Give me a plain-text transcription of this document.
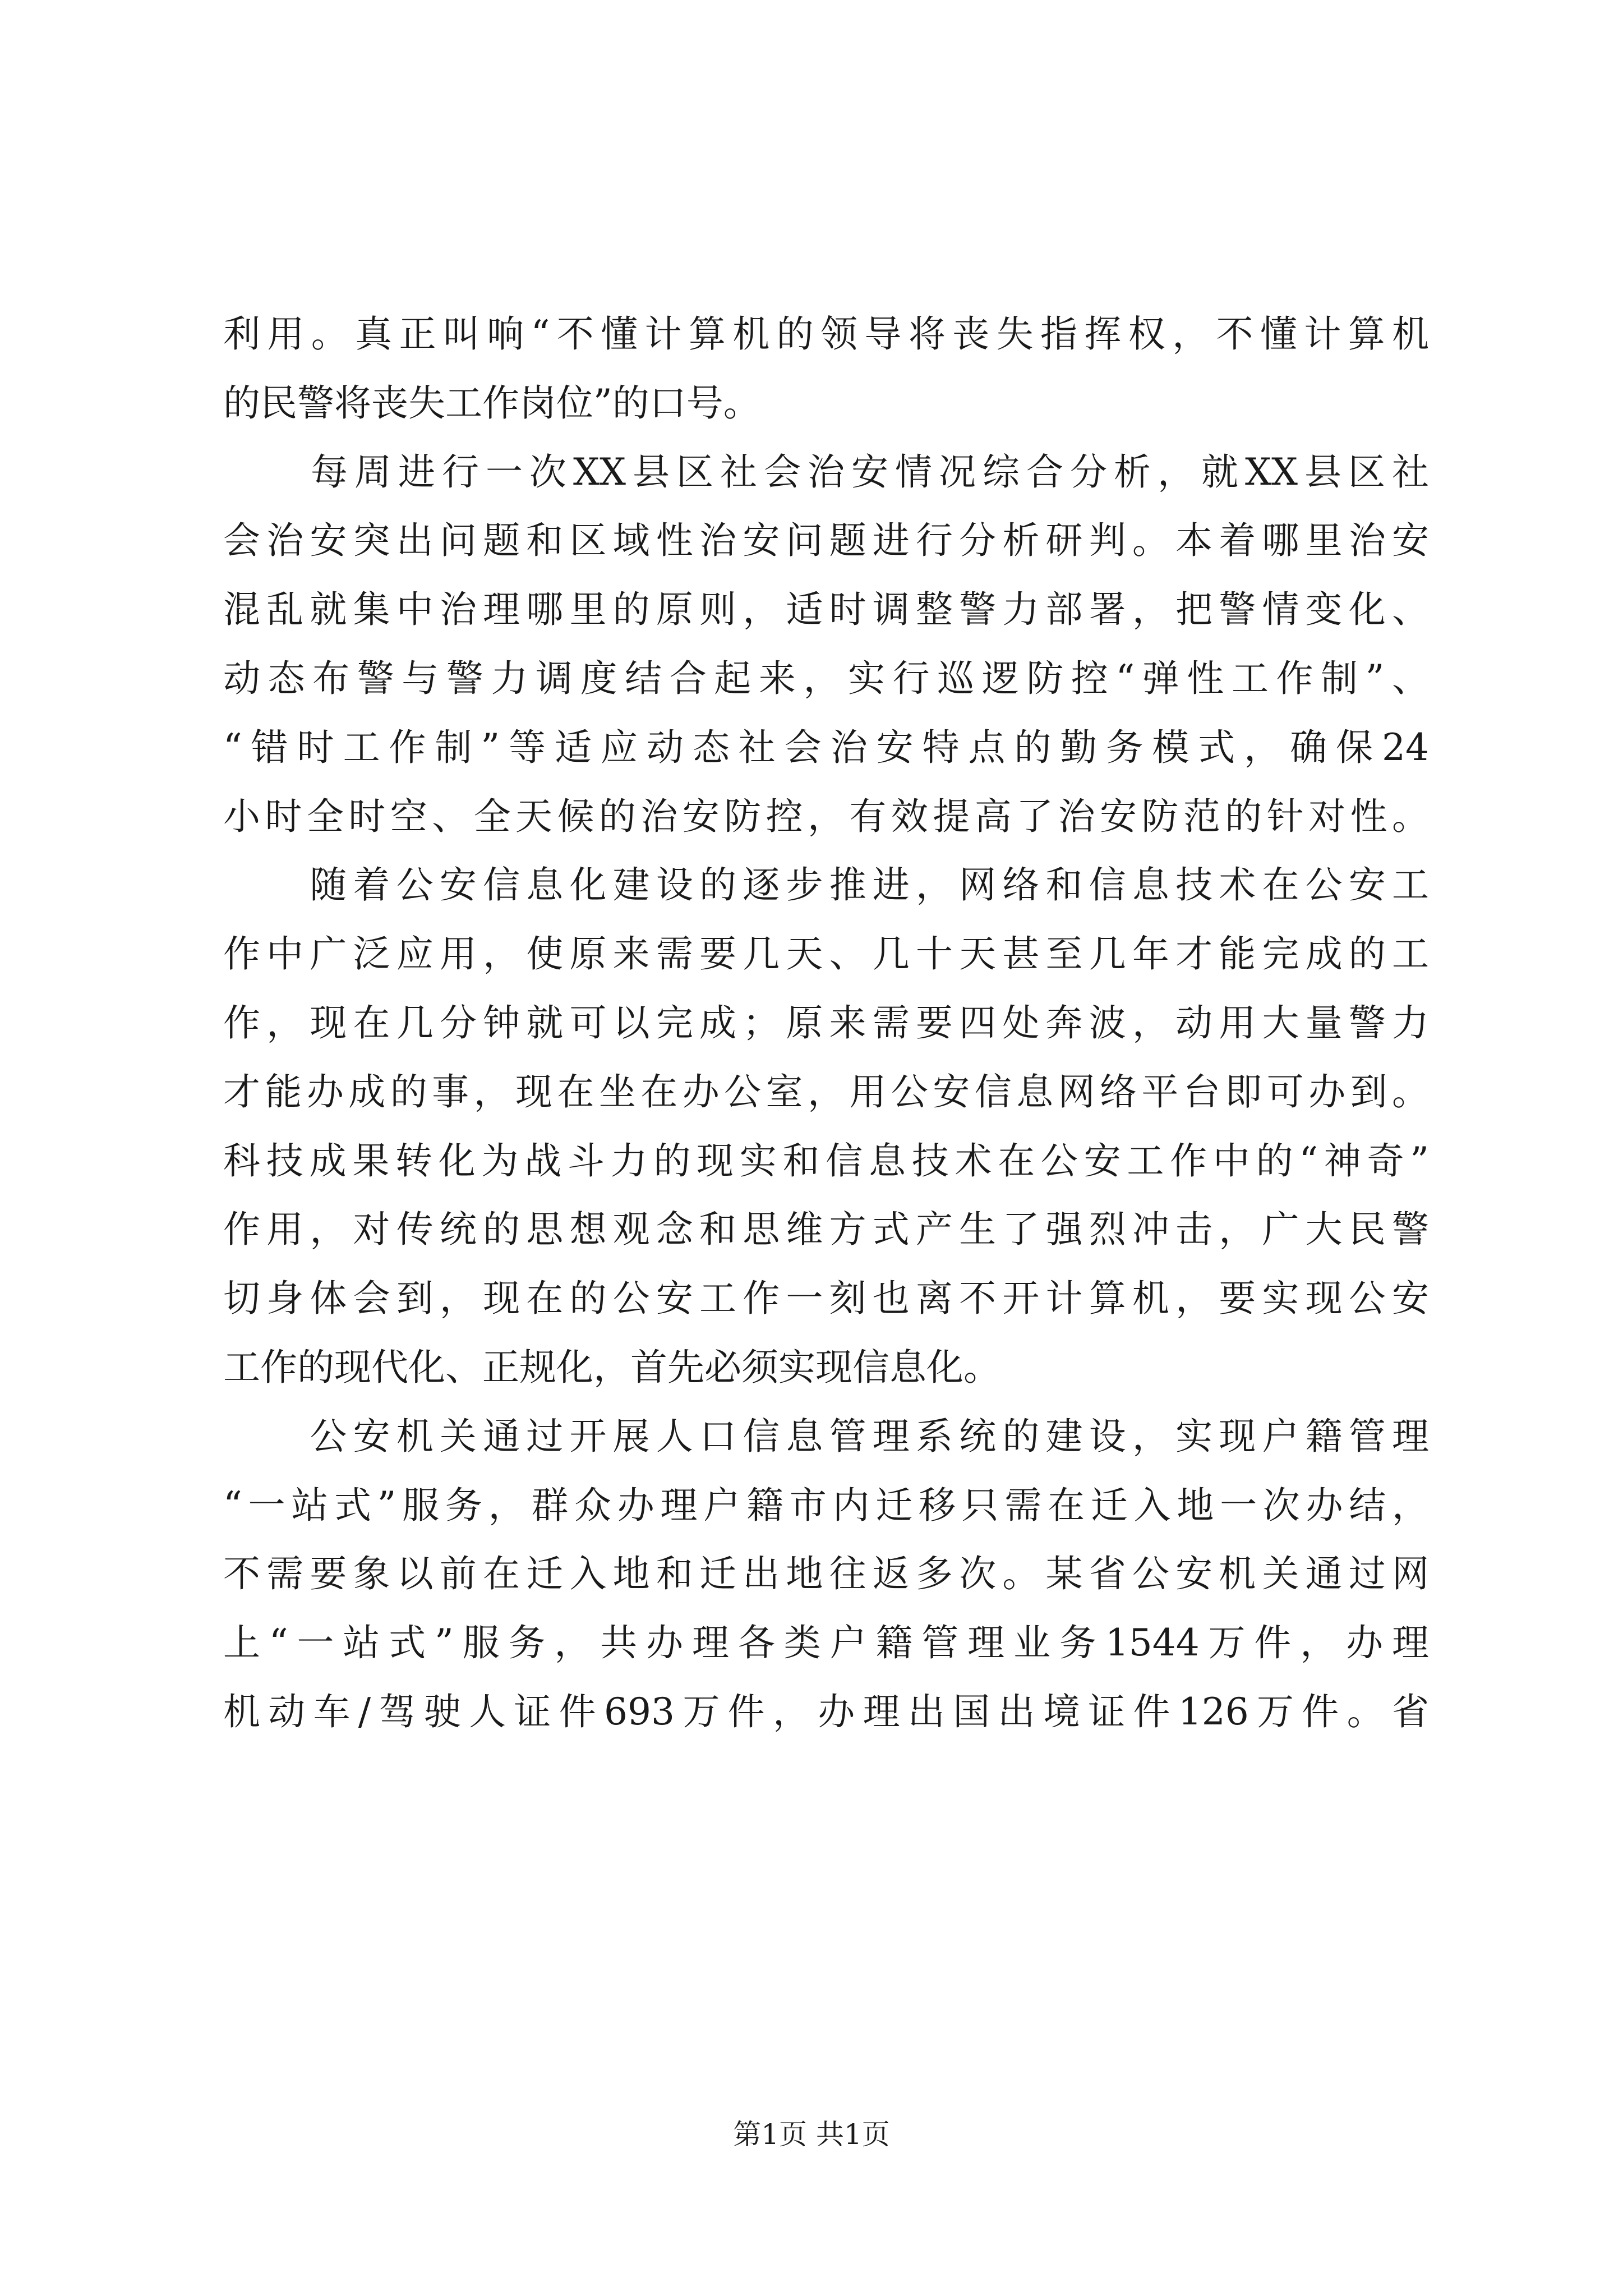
利用。真正叫响“不懂计算机的领导将丧失指挥权，不懂计算机
的民警将丧失工作岗位”的口号。
　　每周进行一次XX县区社会治安情况综合分析，就XX县区社
会治安突出问题和区域性治安问题进行分析研判。本着哪里治安
混乱就集中治理哪里的原则，适时调整警力部署，把警情变化、
动态布警与警力调度结合起来，实行巡逻防控“弹性工作制”、
“错时工作制”等适应动态社会治安特点的勤务模式，确保24
小时全时空、全天候的治安防控，有效提高了治安防范的针对性。
　　随着公安信息化建设的逐步推进，网络和信息技术在公安工
作中广泛应用，使原来需要几天、几十天甚至几年才能完成的工
作，现在几分钟就可以完成；原来需要四处奔波，动用大量警力
才能办成的事，现在坐在办公室，用公安信息网络平台即可办到。
科技成果转化为战斗力的现实和信息技术在公安工作中的“神奇”
作用，对传统的思想观念和思维方式产生了强烈冲击，广大民警
切身体会到，现在的公安工作一刻也离不开计算机，要实现公安
工作的现代化、正规化，首先必须实现信息化。
　　公安机关通过开展人口信息管理系统的建设，实现户籍管理
“一站式”服务，群众办理户籍市内迁移只需在迁入地一次办结，
不需要象以前在迁入地和迁出地往返多次。某省公安机关通过网
上“一站式”服务，共办理各类户籍管理业务1544万件，办理
机动车/驾驶人证件693万件，办理出国出境证件126万件。省
第1页 共1页
